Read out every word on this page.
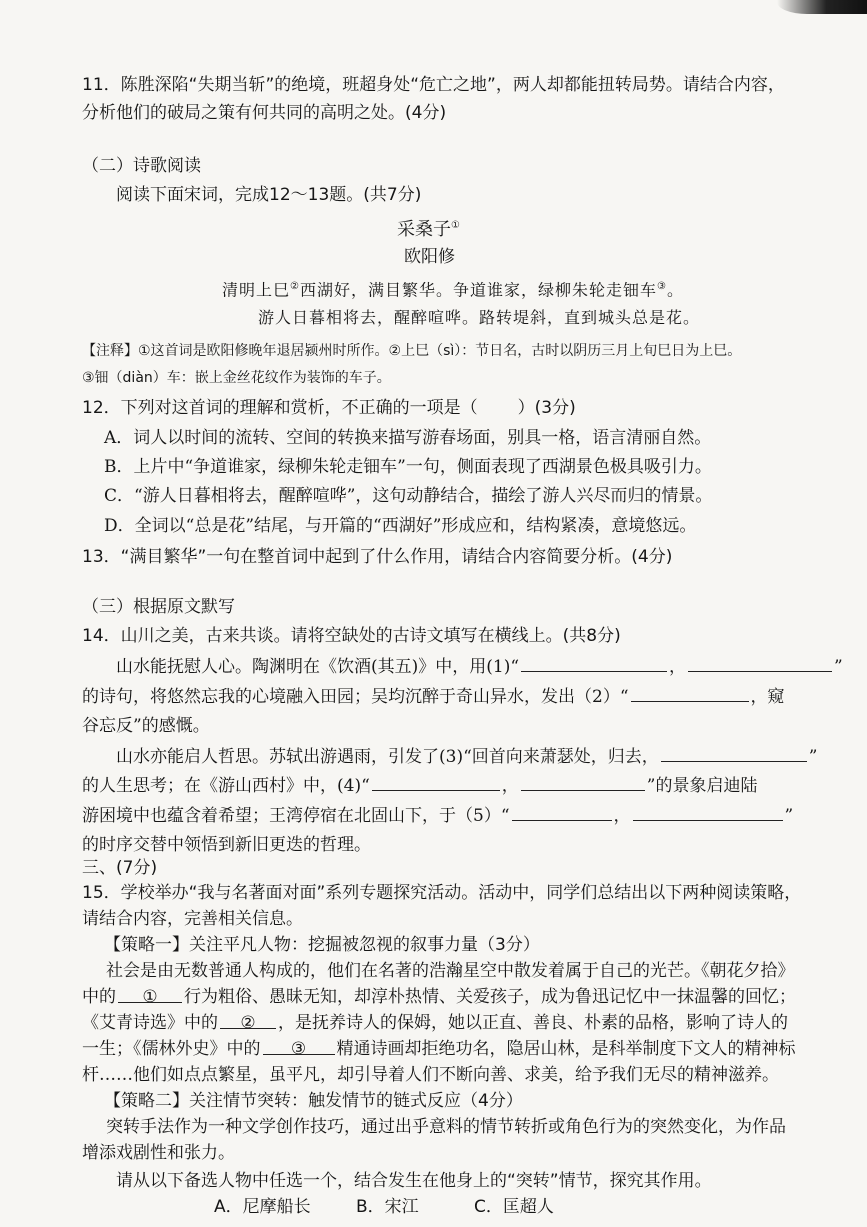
11．陈胜深陷“失期当斩”的绝境，班超身处“危亡之地”，两人却都能扭转局势。请结合内容，
分析他们的破局之策有何共同的高明之处。(4分)
（二）诗歌阅读
阅读下面宋词，完成12～13题。(共7分)
采桑子①
欧阳修
清明上巳②西湖好，满目繁华。争道谁家，绿柳朱轮走钿车③。
游人日暮相将去，醒醉喧哗。路转堤斜，直到城头总是花。
【注释】①这首词是欧阳修晚年退居颍州时所作。②上巳（sì）：节日名，古时以阴历三月上旬巳日为上巳。
③钿（diàn）车：嵌上金丝花纹作为装饰的车子。
12．下列对这首词的理解和赏析，不正确的一项是（ ）(3分)
A．词人以时间的流转、空间的转换来描写游春场面，别具一格，语言清丽自然。
B．上片中“争道谁家，绿柳朱轮走钿车”一句，侧面表现了西湖景色极具吸引力。
C．“游人日暮相将去，醒醉喧哗”，这句动静结合，描绘了游人兴尽而归的情景。
D．全词以“总是花”结尾，与开篇的“西湖好”形成应和，结构紧凑，意境悠远。
13．“满目繁华”一句在整首词中起到了什么作用，请结合内容简要分析。(4分)
（三）根据原文默写
14．山川之美，古来共谈。请将空缺处的古诗文填写在横线上。(共8分)
山水能抚慰人心。陶渊明在《饮酒(其五)》中，用(1)“	，	”
的诗句，将悠然忘我的心境融入田园；吴均沉醉于奇山异水，发出（2）“	，窥
谷忘反”的感慨。
山水亦能启人哲思。苏轼出游遇雨，引发了(3)“回首向来萧瑟处，归去，	”
的人生思考；在《游山西村》中，(4)“	，	”的景象启迪陆
游困境中也蕴含着希望；王湾停宿在北固山下，于（5）“	，	”
的时序交替中领悟到新旧更迭的哲理。
三、(7分)
15．学校举办“我与名著面对面”系列专题探究活动。活动中，同学们总结出以下两种阅读策略，
请结合内容，完善相关信息。
【策略一】关注平凡人物：挖掘被忽视的叙事力量（3分）
社会是由无数普通人构成的，他们在名著的浩瀚星空中散发着属于自己的光芒。《朝花夕拾》
中的 ① 行为粗俗、愚昧无知，却淳朴热情、关爱孩子，成为鲁迅记忆中一抹温馨的回忆；
《艾青诗选》中的 ② ，是抚养诗人的保姆，她以正直、善良、朴素的品格，影响了诗人的
一生；《儒林外史》中的 ③ 精通诗画却拒绝功名，隐居山林，是科举制度下文人的精神标
杆……他们如点点繁星，虽平凡，却引导着人们不断向善、求美，给予我们无尽的精神滋养。
【策略二】关注情节突转：触发情节的链式反应（4分）
突转手法作为一种文学创作技巧，通过出乎意料的情节转折或角色行为的突然变化，为作品
增添戏剧性和张力。
请从以下备选人物中任选一个，结合发生在他身上的“突转”情节，探究其作用。
A．尼摩船长	B．宋江	C．匡超人
